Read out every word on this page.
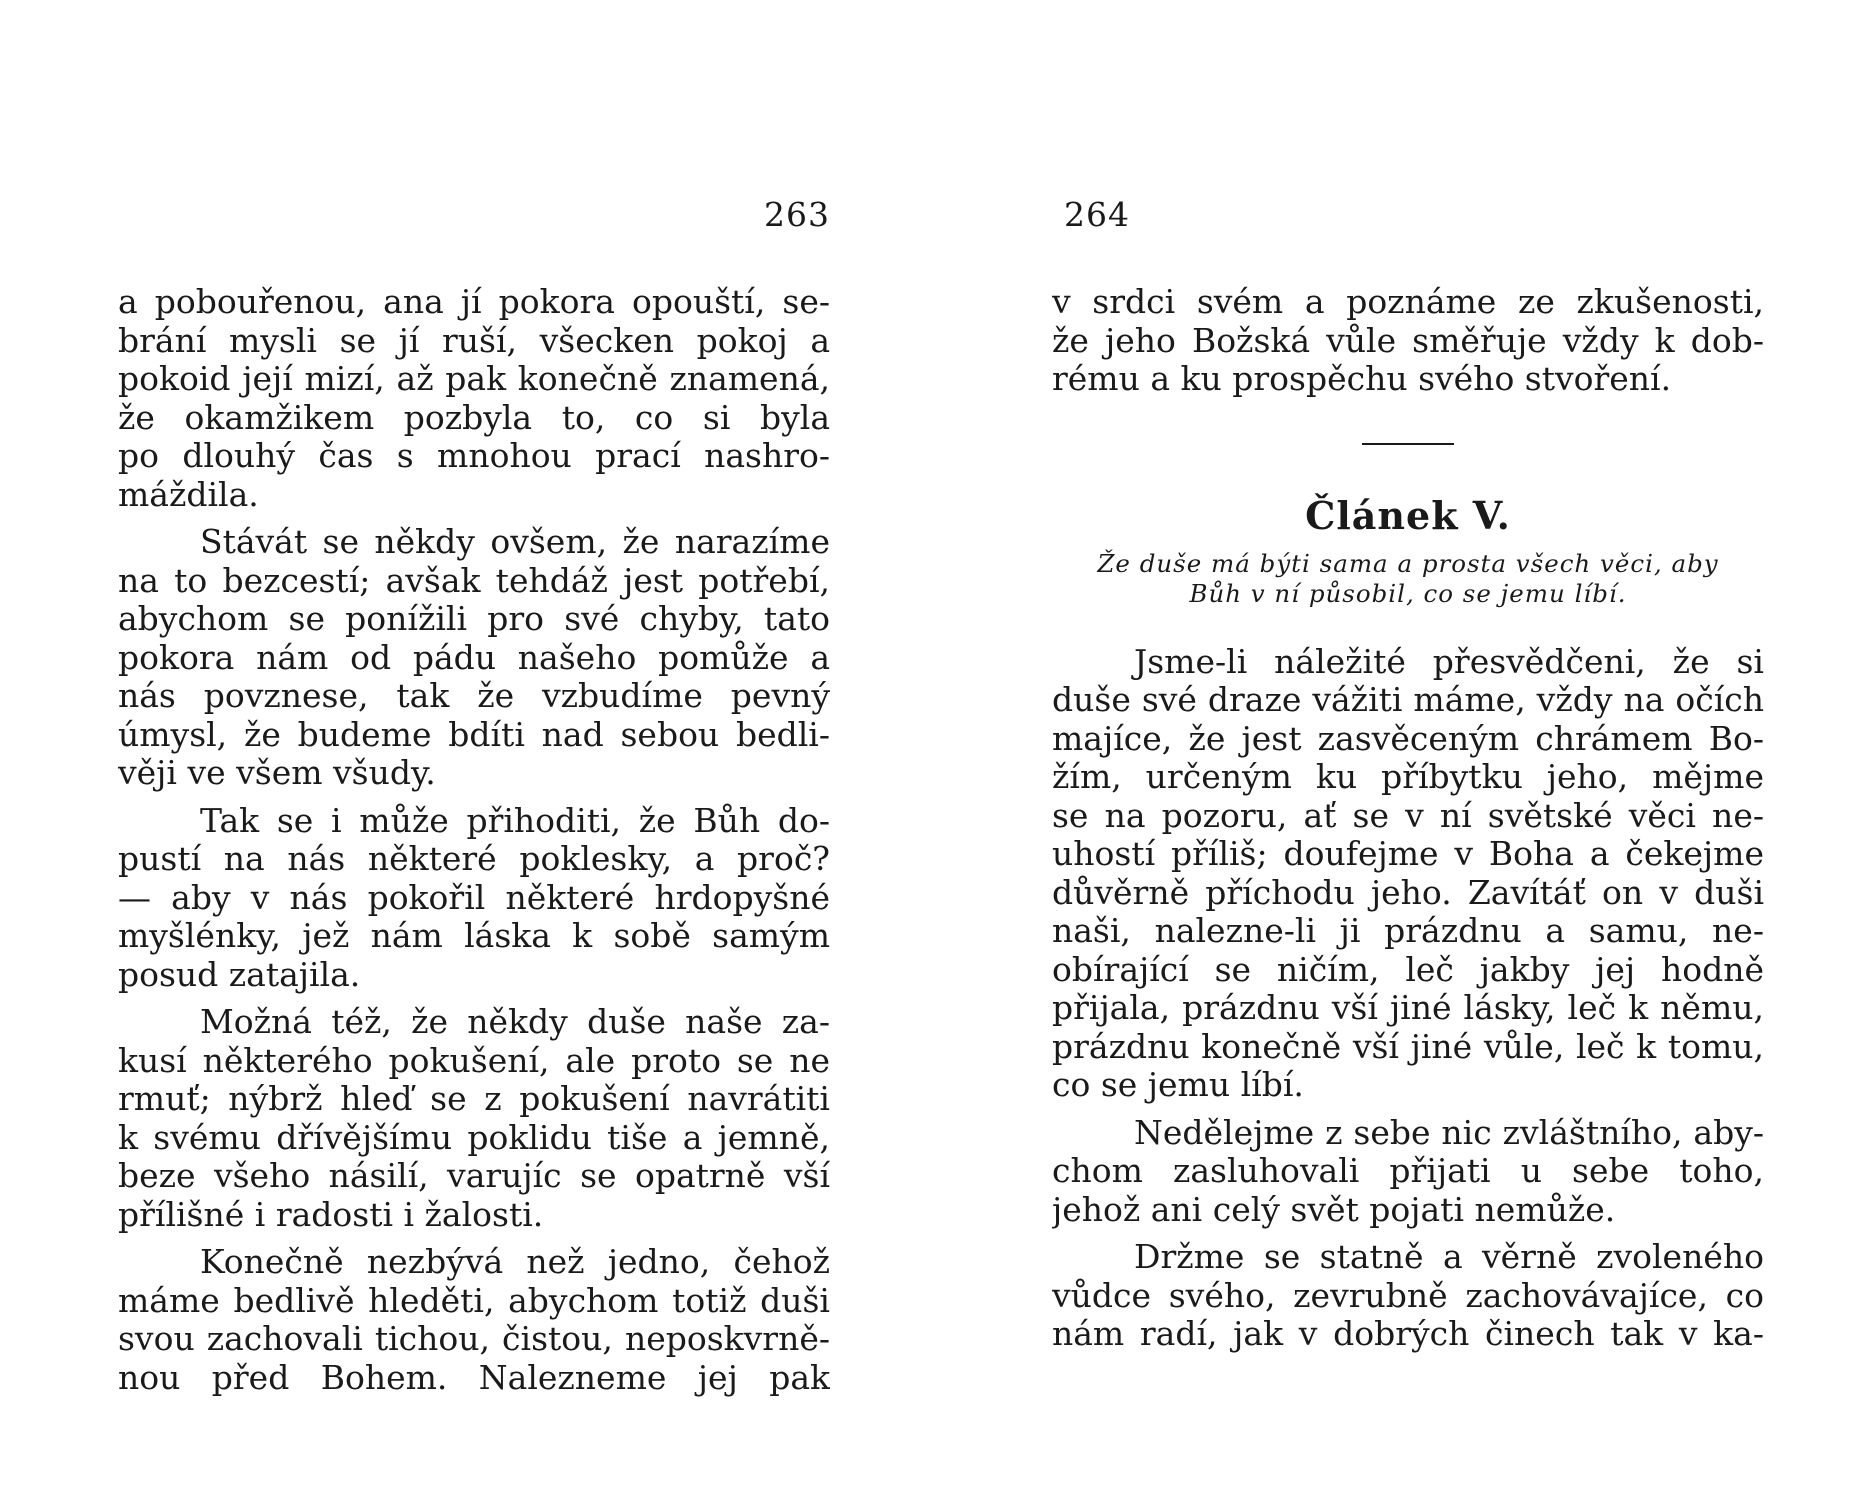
263
a pobouřenou, ana jí pokora opouští, se-
brání mysli se jí ruší, všecken pokoj a
pokoid její mizí, až pak konečně znamená,
že okamžikem pozbyla to, co si byla
po dlouhý čas s mnohou prací nashro-
máždila.
Stávát se někdy ovšem, že narazíme
na to bezcestí; avšak tehdáž jest potřebí,
abychom se ponížili pro své chyby, tato
pokora nám od pádu našeho pomůže a
nás povznese, tak že vzbudíme pevný
úmysl, že budeme bdíti nad sebou bedli-
věji ve všem všudy.
Tak se i může přihoditi, že Bůh do-
pustí na nás některé poklesky, a proč?
— aby v nás pokořil některé hrdopyšné
myšlénky, jež nám láska k sobě samým
posud zatajila.
Možná též, že někdy duše naše za-
kusí některého pokušení, ale proto se ne
rmuť; nýbrž hleď se z pokušení navrátiti
k svému dřívějšímu poklidu tiše a jemně,
beze všeho násilí, varujíc se opatrně vší
přílišné i radosti i žalosti.
Konečně nezbývá než jedno, čehož
máme bedlivě hleděti, abychom totiž duši
svou zachovali tichou, čistou, neposkvrně-
nou před Bohem. Nalezneme jej pak
264
v srdci svém a poznáme ze zkušenosti,
že jeho Božská vůle směřuje vždy k dob-
rému a ku prospěchu svého stvoření.
Článek V.
Že duše má býti sama a prosta všech věci, aby
Bůh v ní působil, co se jemu líbí.
Jsme-li náležité přesvědčeni, že si
duše své draze vážiti máme, vždy na očích
majíce, že jest zasvěceným chrámem Bo-
žím, určeným ku příbytku jeho, mějme
se na pozoru, ať se v ní světské věci ne-
uhostí příliš; doufejme v Boha a čekejme
důvěrně příchodu jeho. Zavítáť on v duši
naši, nalezne-li ji prázdnu a samu, ne-
obírající se ničím, leč jakby jej hodně
přijala, prázdnu vší jiné lásky, leč k němu,
prázdnu konečně vší jiné vůle, leč k tomu,
co se jemu líbí.
Nedělejme z sebe nic zvláštního, aby-
chom zasluhovali přijati u sebe toho,
jehož ani celý svět pojati nemůže.
Držme se statně a věrně zvoleného
vůdce svého, zevrubně zachovávajíce, co
nám radí, jak v dobrých činech tak v ka-
